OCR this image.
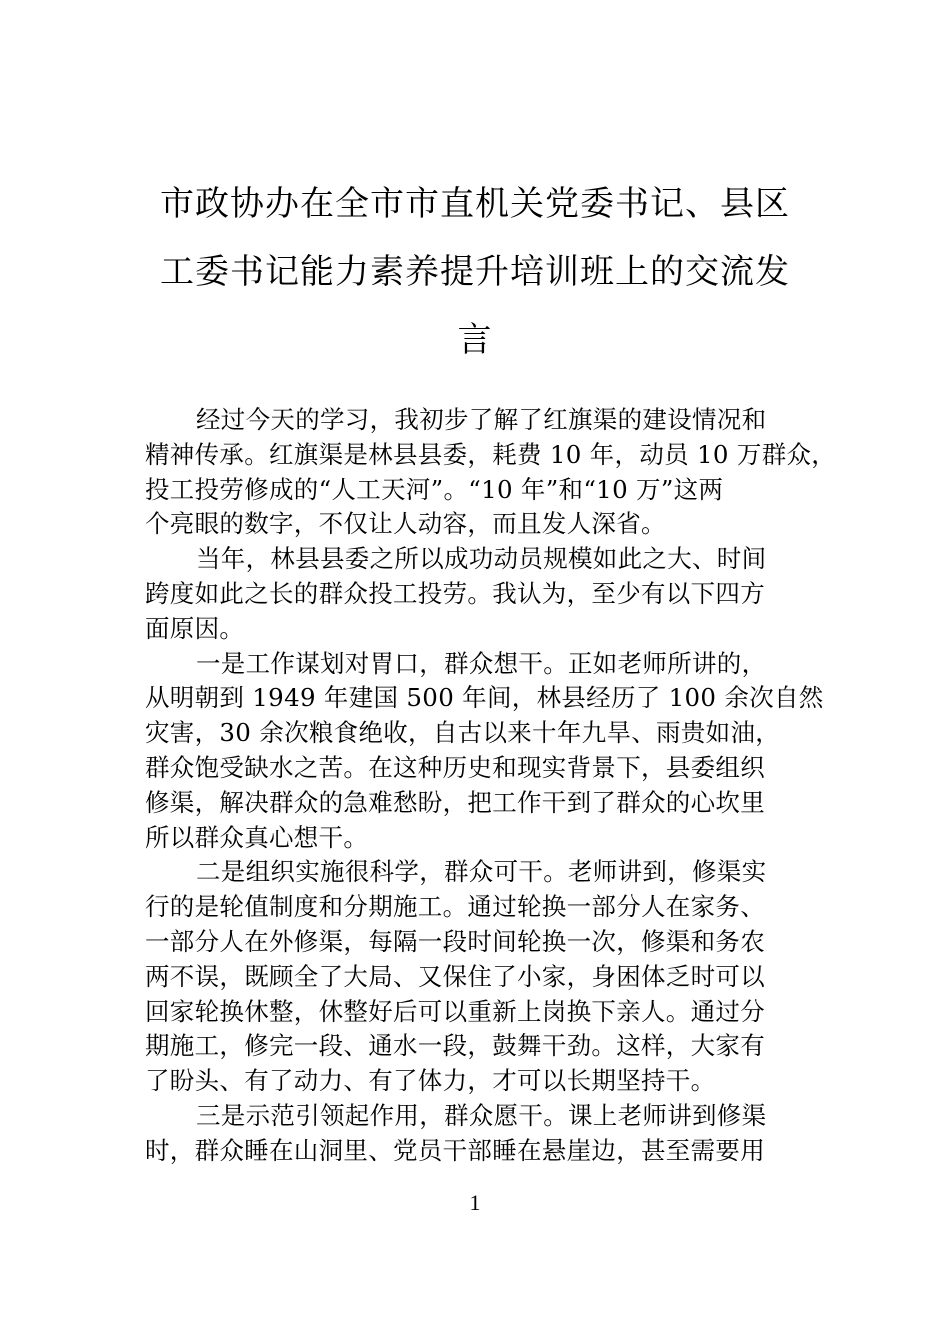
市政协办在全市市直机关党委书记、县区
工委书记能力素养提升培训班上的交流发
言

经过今天的学习，我初步了解了红旗渠的建设情况和
精神传承。红旗渠是林县县委，耗费 10 年，动员 10 万群众，
投工投劳修成的“人工天河”。“10 年”和“10 万”这两
个亮眼的数字，不仅让人动容，而且发人深省。

当年，林县县委之所以成功动员规模如此之大、时间
跨度如此之长的群众投工投劳。我认为，至少有以下四方
面原因。

一是工作谋划对胃口，群众想干。正如老师所讲的，
从明朝到 1949 年建国 500 年间，林县经历了 100 余次自然
灾害，30 余次粮食绝收，自古以来十年九旱、雨贵如油，
群众饱受缺水之苦。在这种历史和现实背景下，县委组织
修渠，解决群众的急难愁盼，把工作干到了群众的心坎里
所以群众真心想干。

二是组织实施很科学，群众可干。老师讲到，修渠实
行的是轮值制度和分期施工。通过轮换一部分人在家务、
一部分人在外修渠，每隔一段时间轮换一次，修渠和务农
两不误，既顾全了大局、又保住了小家，身困体乏时可以
回家轮换休整，休整好后可以重新上岗换下亲人。通过分
期施工，修完一段、通水一段，鼓舞干劲。这样，大家有
了盼头、有了动力、有了体力，才可以长期坚持干。

三是示范引领起作用，群众愿干。课上老师讲到修渠
时，群众睡在山洞里、党员干部睡在悬崖边，甚至需要用

1
